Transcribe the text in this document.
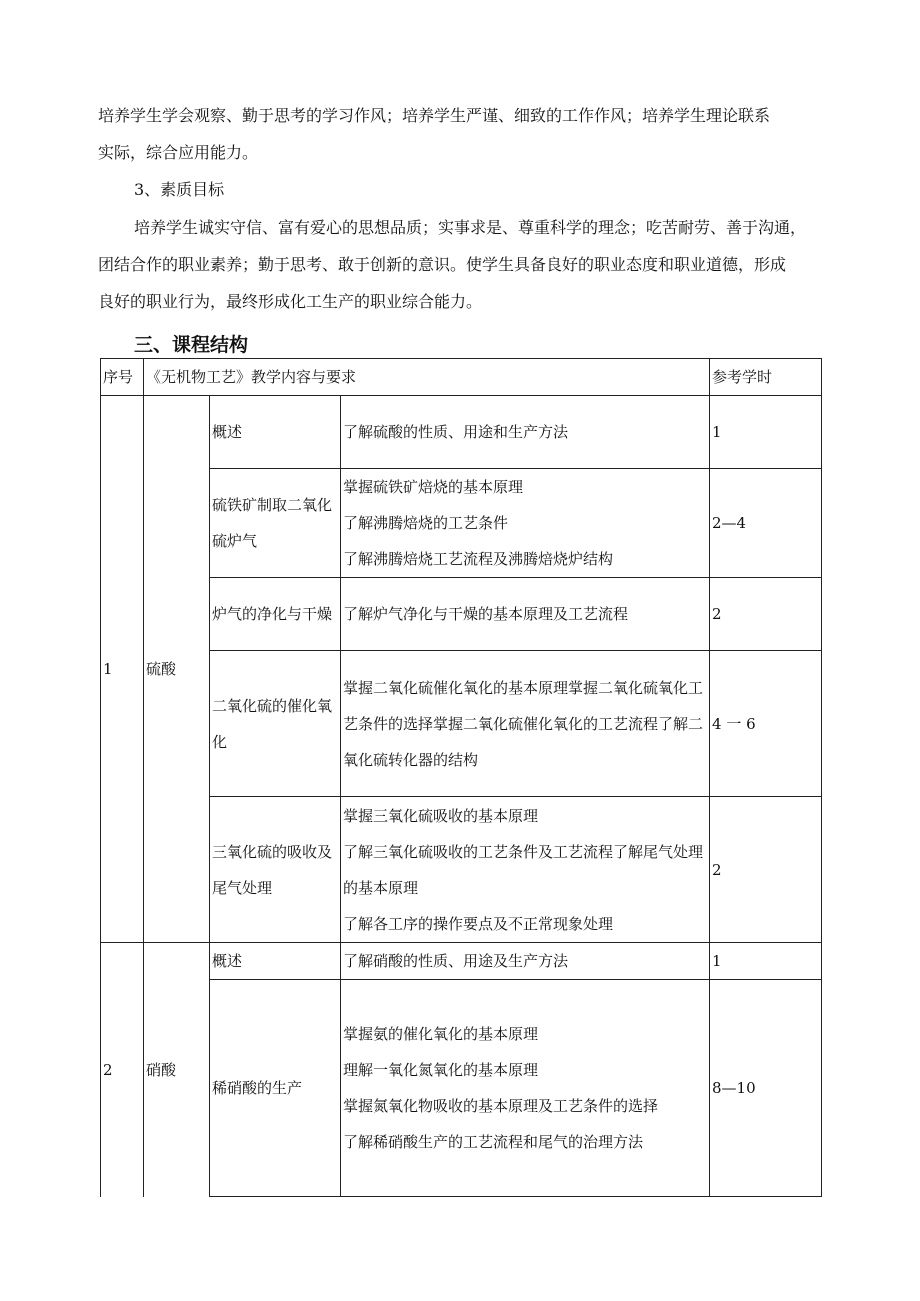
培养学生学会观察、勤于思考的学习作风；培养学生严谨、细致的工作作风；培养学生理论联系
实际，综合应用能力。
3、素质目标
培养学生诚实守信、富有爱心的思想品质；实事求是、尊重科学的理念；吃苦耐劳、善于沟通，
团结合作的职业素养；勤于思考、敢于创新的意识。使学生具备良好的职业态度和职业道德，形成
良好的职业行为，最终形成化工生产的职业综合能力。
三、课程结构
序号	《无机物工艺》教学内容与要求			参考学时
1	硫酸	概述	了解硫酸的性质、用途和生产方法	1
		硫铁矿制取二氧化硫炉气	掌握硫铁矿焙烧的基本原理
了解沸腾焙烧的工艺条件
了解沸腾焙烧工艺流程及沸腾焙烧炉结构	2—4
		炉气的净化与干燥	了解炉气净化与干燥的基本原理及工艺流程	2
		二氧化硫的催化氧化	掌握二氧化硫催化氧化的基本原理掌握二氧化硫氧化工艺条件的选择掌握二氧化硫催化氧化的工艺流程了解二氧化硫转化器的结构	4 一 6
		三氧化硫的吸收及尾气处理	掌握三氧化硫吸收的基本原理
了解三氧化硫吸收的工艺条件及工艺流程了解尾气处理的基本原理
了解各工序的操作要点及不正常现象处理	2
2	硝酸	概述	了解硝酸的性质、用途及生产方法	1
		稀硝酸的生产	掌握氨的催化氧化的基本原理
理解一氧化氮氧化的基本原理
掌握氮氧化物吸收的基本原理及工艺条件的选择
了解稀硝酸生产的工艺流程和尾气的治理方法	8—10
